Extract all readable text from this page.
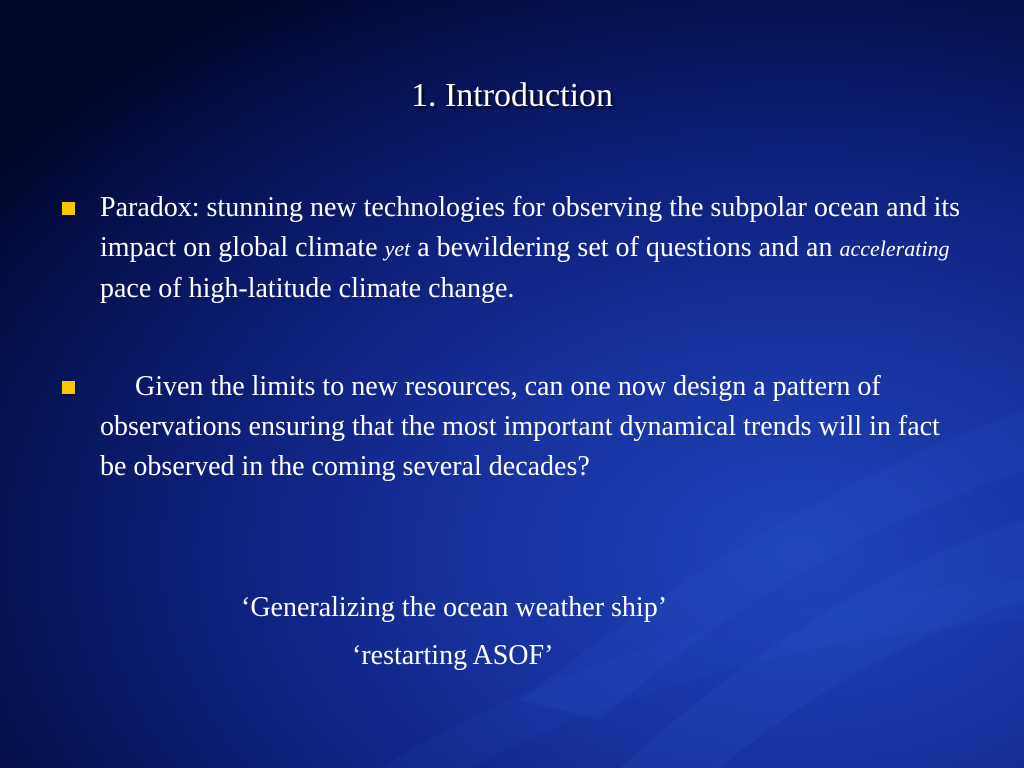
1. Introduction
Paradox: stunning new technologies for observing the subpolar ocean and its impact on global climate yet a bewildering set of questions and an accelerating pace of high-latitude climate change.
Given the limits to new resources, can one now design a pattern of observations ensuring that the most important dynamical trends will in fact be observed in the coming several decades?
‘Generalizing the ocean weather ship’
‘restarting ASOF’
